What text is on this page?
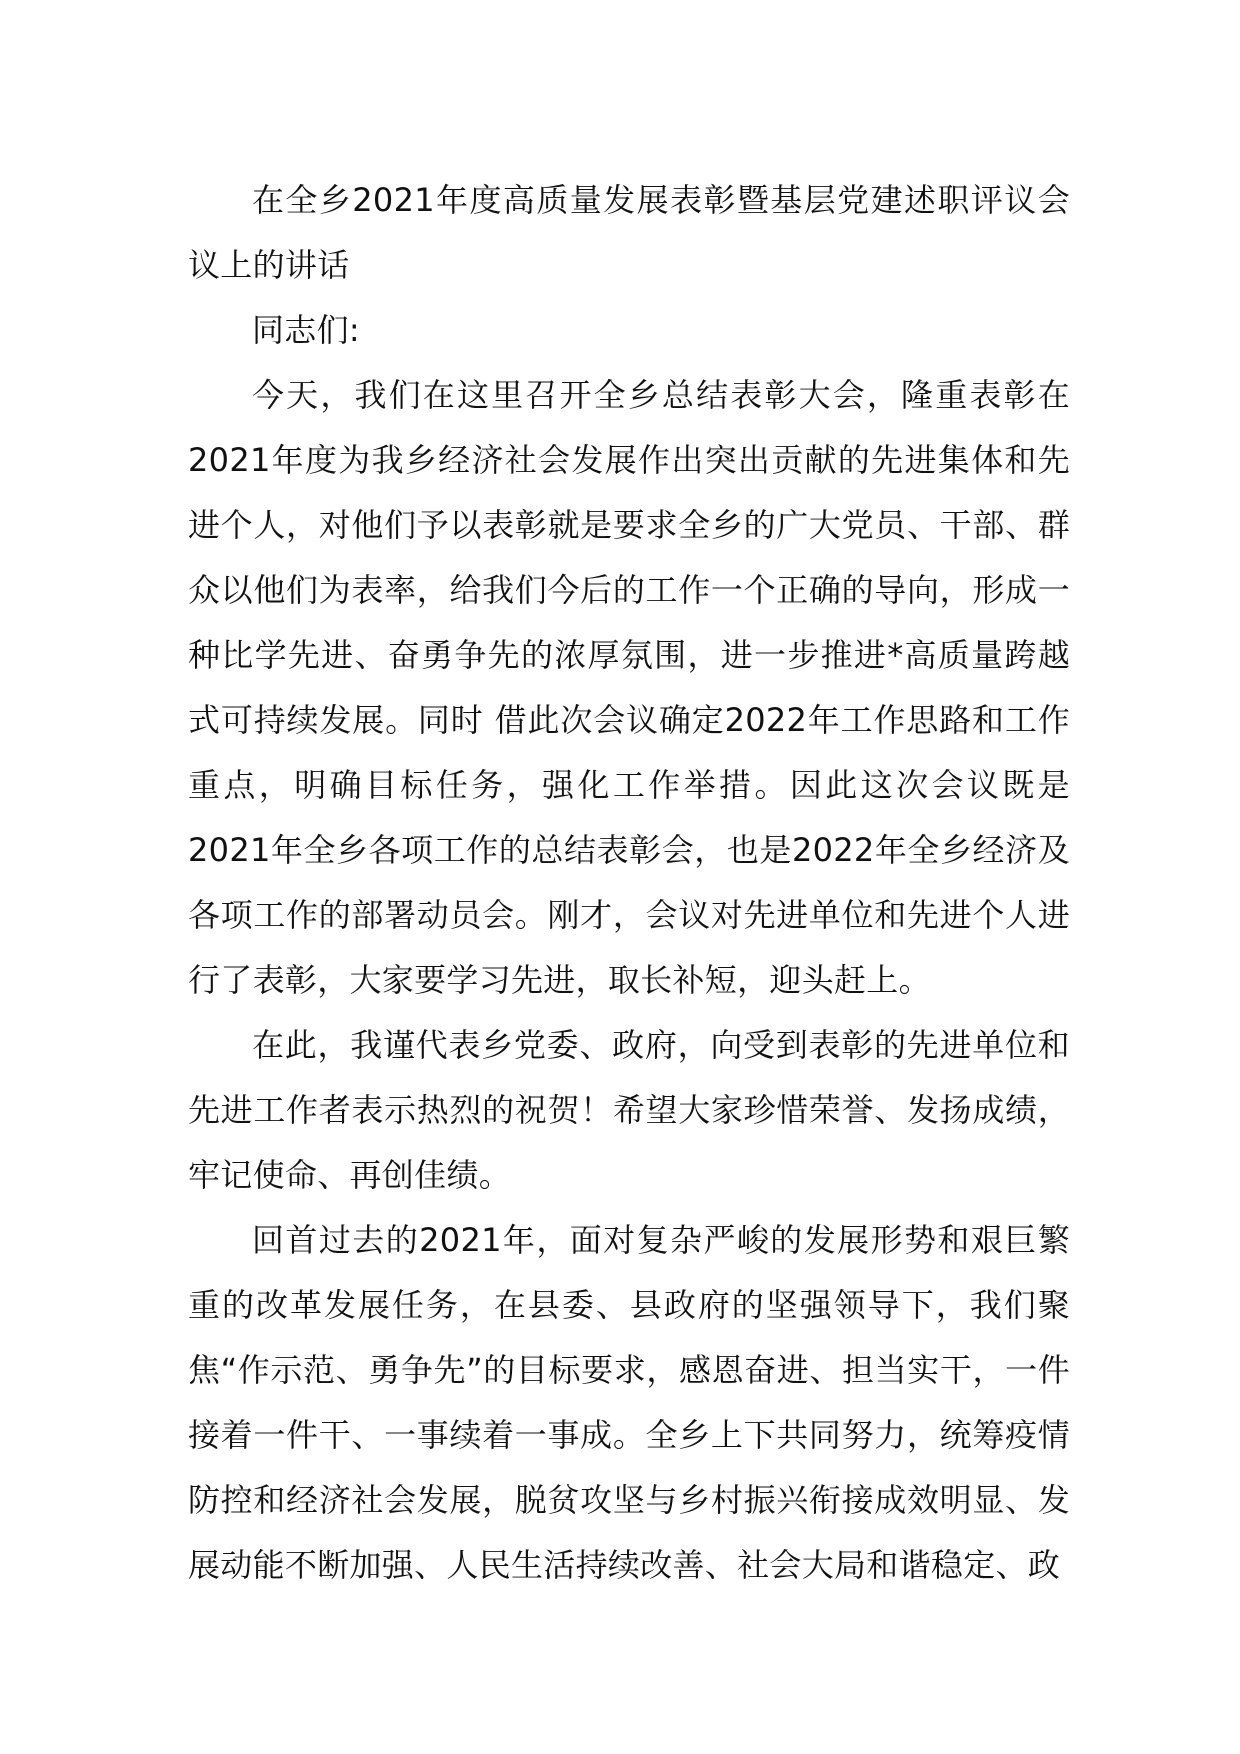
在全乡2021年度高质量发展表彰暨基层党建述职评议会议上的讲话

同志们:

今天，我们在这里召开全乡总结表彰大会，隆重表彰在2021年度为我乡经济社会发展作出突出贡献的先进集体和先进个人，对他们予以表彰就是要求全乡的广大党员、干部、群众以他们为表率，给我们今后的工作一个正确的导向，形成一种比学先进、奋勇争先的浓厚氛围，进一步推进*高质量跨越式可持续发展。同时 借此次会议确定2022年工作思路和工作重点，明确目标任务，强化工作举措。因此这次会议既是2021年全乡各项工作的总结表彰会，也是2022年全乡经济及各项工作的部署动员会。刚才，会议对先进单位和先进个人进行了表彰，大家要学习先进，取长补短，迎头赶上。

在此，我谨代表乡党委、政府，向受到表彰的先进单位和先进工作者表示热烈的祝贺！希望大家珍惜荣誉、发扬成绩，牢记使命、再创佳绩。

回首过去的2021年，面对复杂严峻的发展形势和艰巨繁重的改革发展任务，在县委、县政府的坚强领导下，我们聚焦“作示范、勇争先”的目标要求，感恩奋进、担当实干，一件接着一件干、一事续着一事成。全乡上下共同努力，统筹疫情防控和经济社会发展，脱贫攻坚与乡村振兴衔接成效明显、发展动能不断加强、人民生活持续改善、社会大局和谐稳定、政
